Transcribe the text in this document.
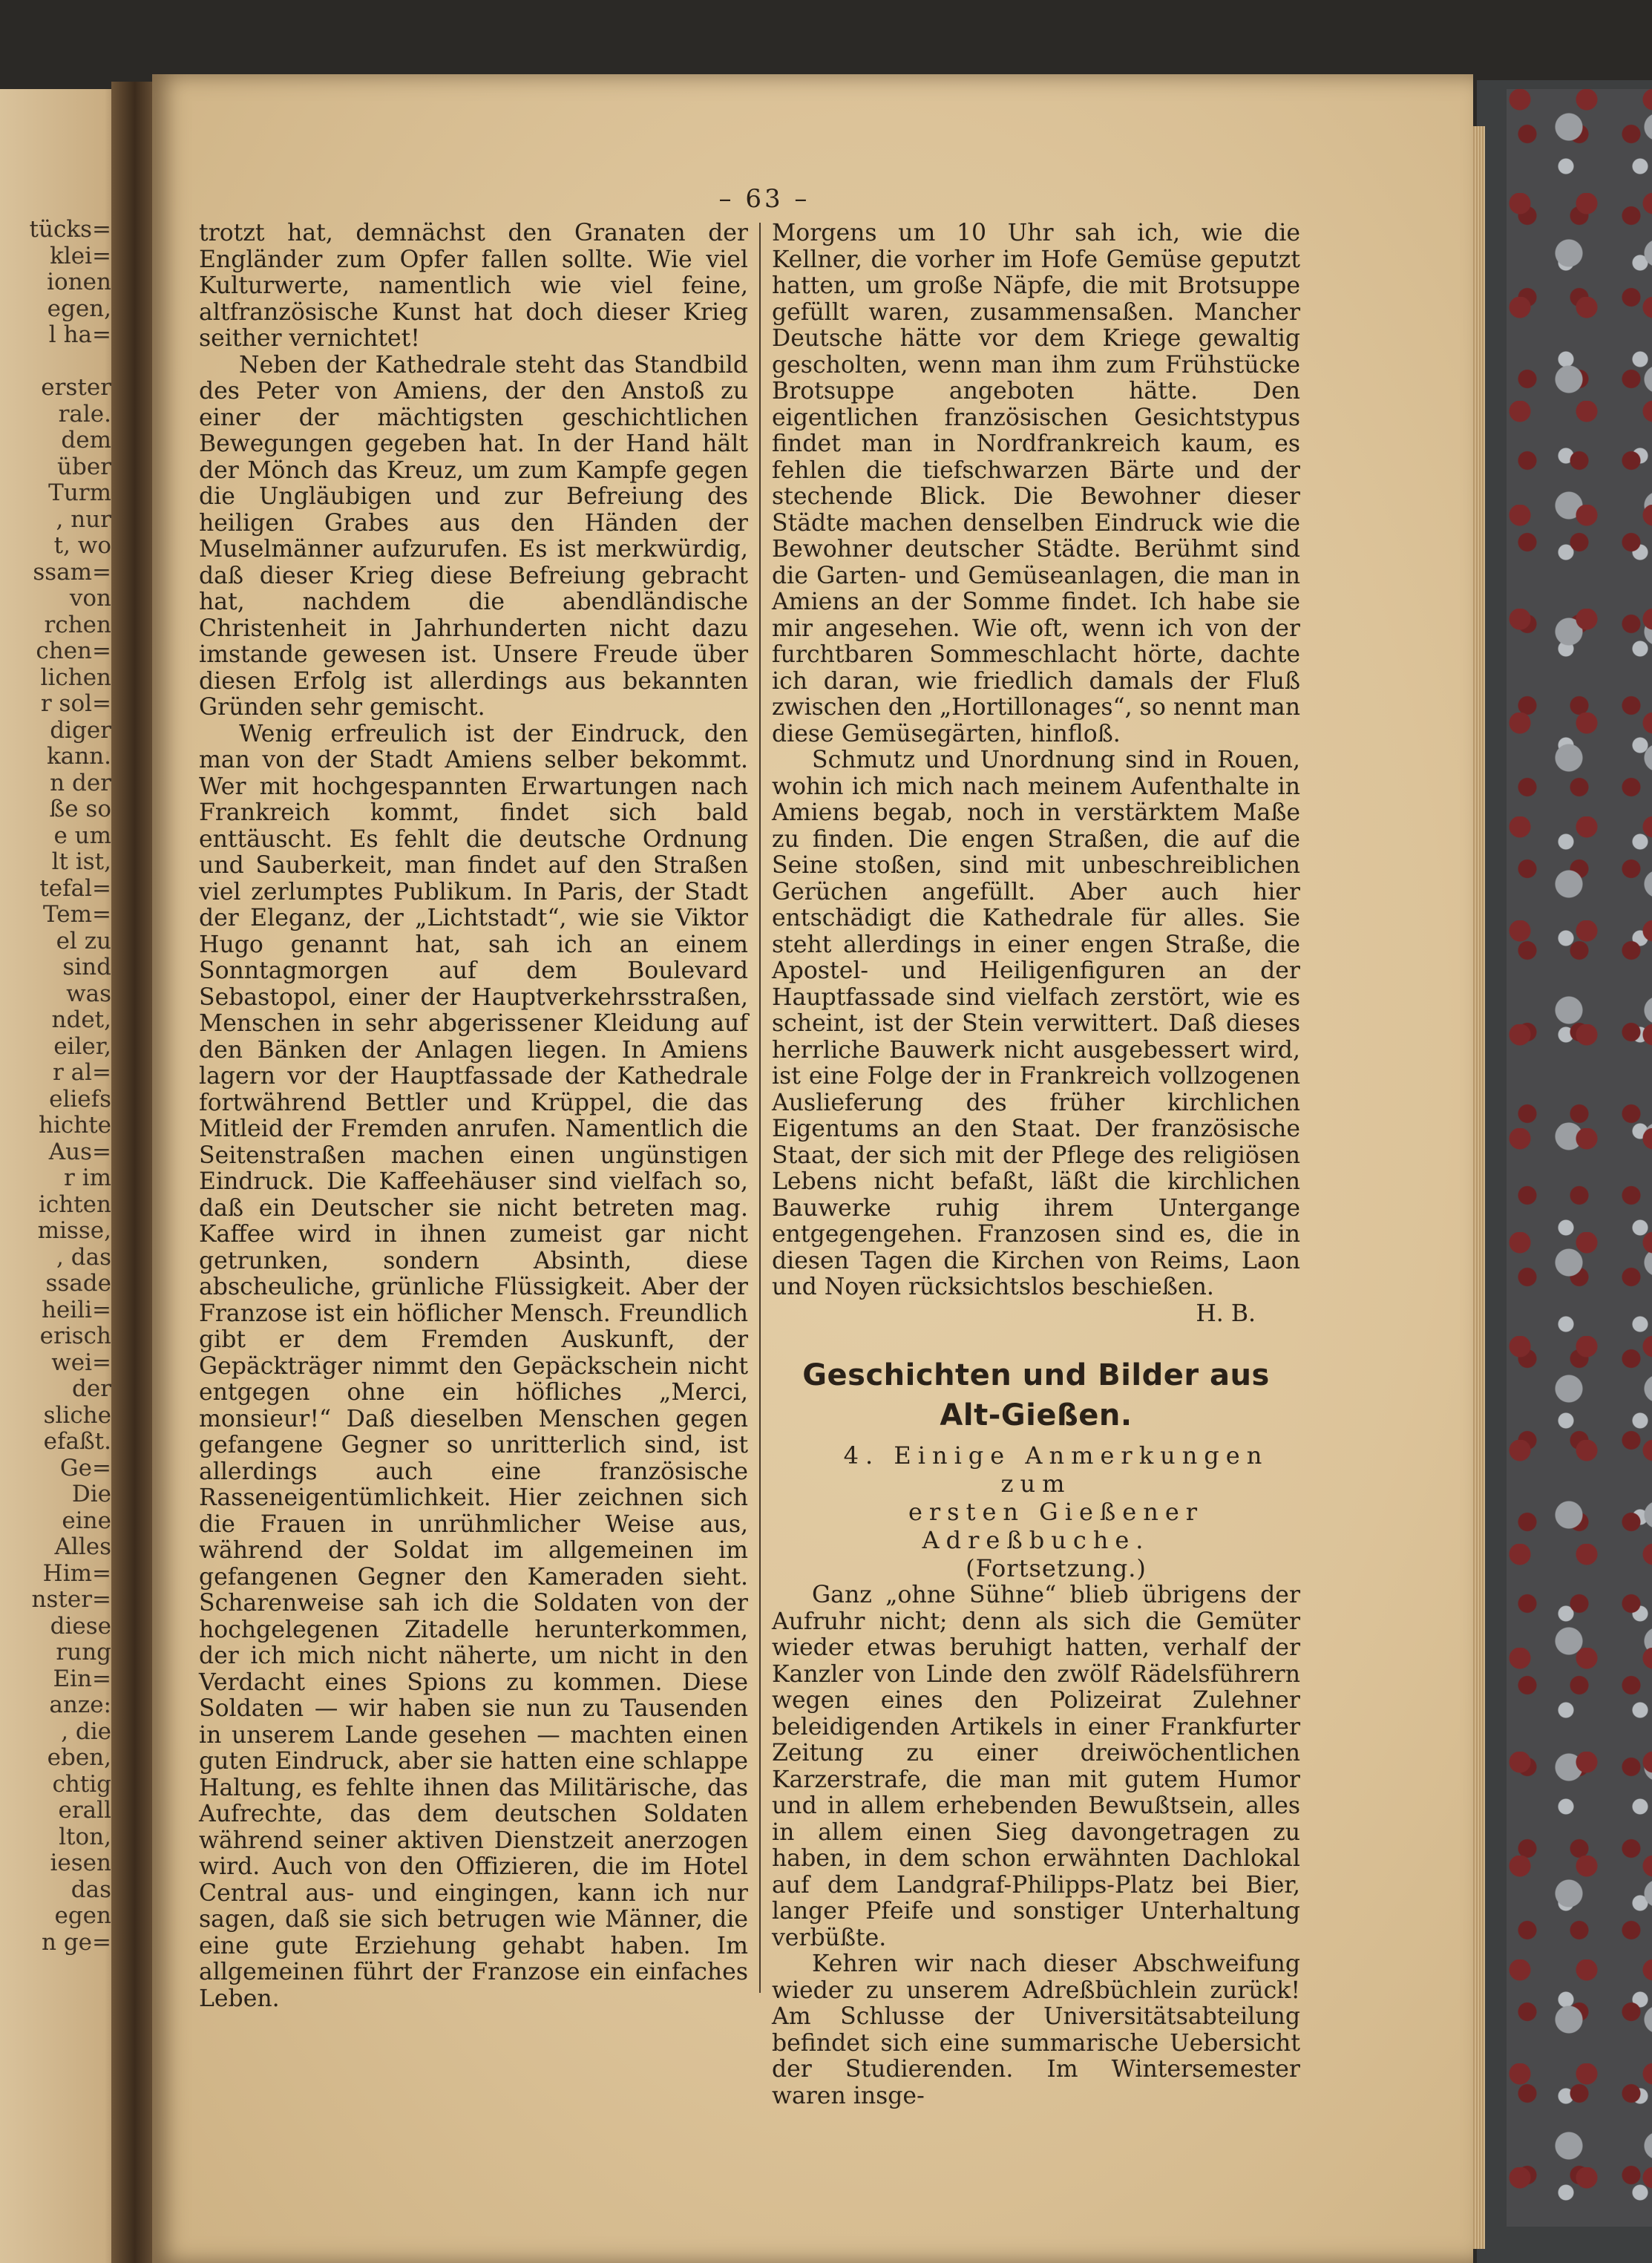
tücks=
klei=
ionen
egen,
l ha=
erster
rale.
dem
über
Turm
, nur
t, wo
ssam=
von
rchen
chen=
lichen
r sol=
diger
kann.
n der
ße so
e um
lt ist,
tefal=
Tem=
el zu
sind
was
ndet,
eiler,
r al=
eliefs
hichte
Aus=
r im
ichten
misse,
, das
ssade
heili=
erisch
wei=
der
sliche
efaßt.
Ge=
Die
eine
Alles
Him=
nster=
diese
rung
Ein=
anze:
, die
eben,
chtig
erall
lton,
iesen
das
egen
n ge=
– 63 –

trotzt hat, demnächst den Granaten der Engländer zum Opfer fallen sollte. Wie viel Kulturwerte, namentlich wie viel feine, altfranzösische Kunst hat doch dieser Krieg seither vernichtet!

Neben der Kathedrale steht das Standbild des Peter von Amiens, der den Anstoß zu einer der mächtigsten geschichtlichen Bewegungen gegeben hat. In der Hand hält der Mönch das Kreuz, um zum Kampfe gegen die Ungläubigen und zur Befreiung des heiligen Grabes aus den Händen der Muselmänner aufzurufen. Es ist merkwürdig, daß dieser Krieg diese Befreiung gebracht hat, nachdem die abendländische Christenheit in Jahrhunderten nicht dazu imstande gewesen ist. Unsere Freude über diesen Erfolg ist allerdings aus bekannten Gründen sehr gemischt.

Wenig erfreulich ist der Eindruck, den man von der Stadt Amiens selber bekommt. Wer mit hochgespannten Erwartungen nach Frankreich kommt, findet sich bald enttäuscht. Es fehlt die deutsche Ordnung und Sauberkeit, man findet auf den Straßen viel zerlumptes Publikum. In Paris, der Stadt der Eleganz, der „Lichtstadt“, wie sie Viktor Hugo genannt hat, sah ich an einem Sonntagmorgen auf dem Boulevard Sebastopol, einer der Hauptverkehrsstraßen, Menschen in sehr abgerissener Kleidung auf den Bänken der Anlagen liegen. In Amiens lagern vor der Hauptfassade der Kathedrale fortwährend Bettler und Krüppel, die das Mitleid der Fremden anrufen. Namentlich die Seitenstraßen machen einen ungünstigen Eindruck. Die Kaffeehäuser sind vielfach so, daß ein Deutscher sie nicht betreten mag. Kaffee wird in ihnen zumeist gar nicht getrunken, sondern Absinth, diese abscheuliche, grünliche Flüssigkeit. Aber der Franzose ist ein höflicher Mensch. Freundlich gibt er dem Fremden Auskunft, der Gepäckträger nimmt den Gepäckschein nicht entgegen ohne ein höfliches „Merci, monsieur!“ Daß dieselben Menschen gegen gefangene Gegner so unritterlich sind, ist allerdings auch eine französische Rasseneigentümlichkeit. Hier zeichnen sich die Frauen in unrühmlicher Weise aus, während der Soldat im allgemeinen im gefangenen Gegner den Kameraden sieht. Scharenweise sah ich die Soldaten von der hochgelegenen Zitadelle herunterkommen, der ich mich nicht näherte, um nicht in den Verdacht eines Spions zu kommen. Diese Soldaten — wir haben sie nun zu Tausenden in unserem Lande gesehen — machten einen guten Eindruck, aber sie hatten eine schlappe Haltung, es fehlte ihnen das Militärische, das Aufrechte, das dem deutschen Soldaten während seiner aktiven Dienstzeit anerzogen wird. Auch von den Offizieren, die im Hotel Central aus- und eingingen, kann ich nur sagen, daß sie sich betrugen wie Männer, die eine gute Erziehung gehabt haben. Im allgemeinen führt der Franzose ein einfaches Leben.

Morgens um 10 Uhr sah ich, wie die Kellner, die vorher im Hofe Gemüse geputzt hatten, um große Näpfe, die mit Brotsuppe gefüllt waren, zusammensaßen. Mancher Deutsche hätte vor dem Kriege gewaltig gescholten, wenn man ihm zum Frühstücke Brotsuppe angeboten hätte. Den eigentlichen französischen Gesichtstypus findet man in Nordfrankreich kaum, es fehlen die tiefschwarzen Bärte und der stechende Blick. Die Bewohner dieser Städte machen denselben Eindruck wie die Bewohner deutscher Städte. Berühmt sind die Garten- und Gemüseanlagen, die man in Amiens an der Somme findet. Ich habe sie mir angesehen. Wie oft, wenn ich von der furchtbaren Sommeschlacht hörte, dachte ich daran, wie friedlich damals der Fluß zwischen den „Hortillonages“, so nennt man diese Gemüsegärten, hinfloß.

Schmutz und Unordnung sind in Rouen, wohin ich mich nach meinem Aufenthalte in Amiens begab, noch in verstärktem Maße zu finden. Die engen Straßen, die auf die Seine stoßen, sind mit unbeschreiblichen Gerüchen angefüllt. Aber auch hier entschädigt die Kathedrale für alles. Sie steht allerdings in einer engen Straße, die Apostel- und Heiligenfiguren an der Hauptfassade sind vielfach zerstört, wie es scheint, ist der Stein verwittert. Daß dieses herrliche Bauwerk nicht ausgebessert wird, ist eine Folge der in Frankreich vollzogenen Auslieferung des früher kirchlichen Eigentums an den Staat. Der französische Staat, der sich mit der Pflege des religiösen Lebens nicht befaßt, läßt die kirchlichen Bauwerke ruhig ihrem Untergange entgegengehen. Franzosen sind es, die in diesen Tagen die Kirchen von Reims, Laon und Noyen rücksichtslos beschießen.

H. B.

Geschichten und Bilder aus Alt-Gießen.

4. Einige Anmerkungen zum

ersten Gießener Adreßbuche.

(Fortsetzung.)

Ganz „ohne Sühne“ blieb übrigens der Aufruhr nicht; denn als sich die Gemüter wieder etwas beruhigt hatten, verhalf der Kanzler von Linde den zwölf Rädelsführern wegen eines den Polizeirat Zulehner beleidigenden Artikels in einer Frankfurter Zeitung zu einer dreiwöchentlichen Karzerstrafe, die man mit gutem Humor und in allem erhebenden Bewußtsein, alles in allem einen Sieg davongetragen zu haben, in dem schon erwähnten Dachlokal auf dem Landgraf-Philipps-Platz bei Bier, langer Pfeife und sonstiger Unterhaltung verbüßte.

Kehren wir nach dieser Abschweifung wieder zu unserem Adreßbüchlein zurück! Am Schlusse der Universitätsabteilung befindet sich eine summarische Uebersicht der Studierenden. Im Wintersemester waren insge-
